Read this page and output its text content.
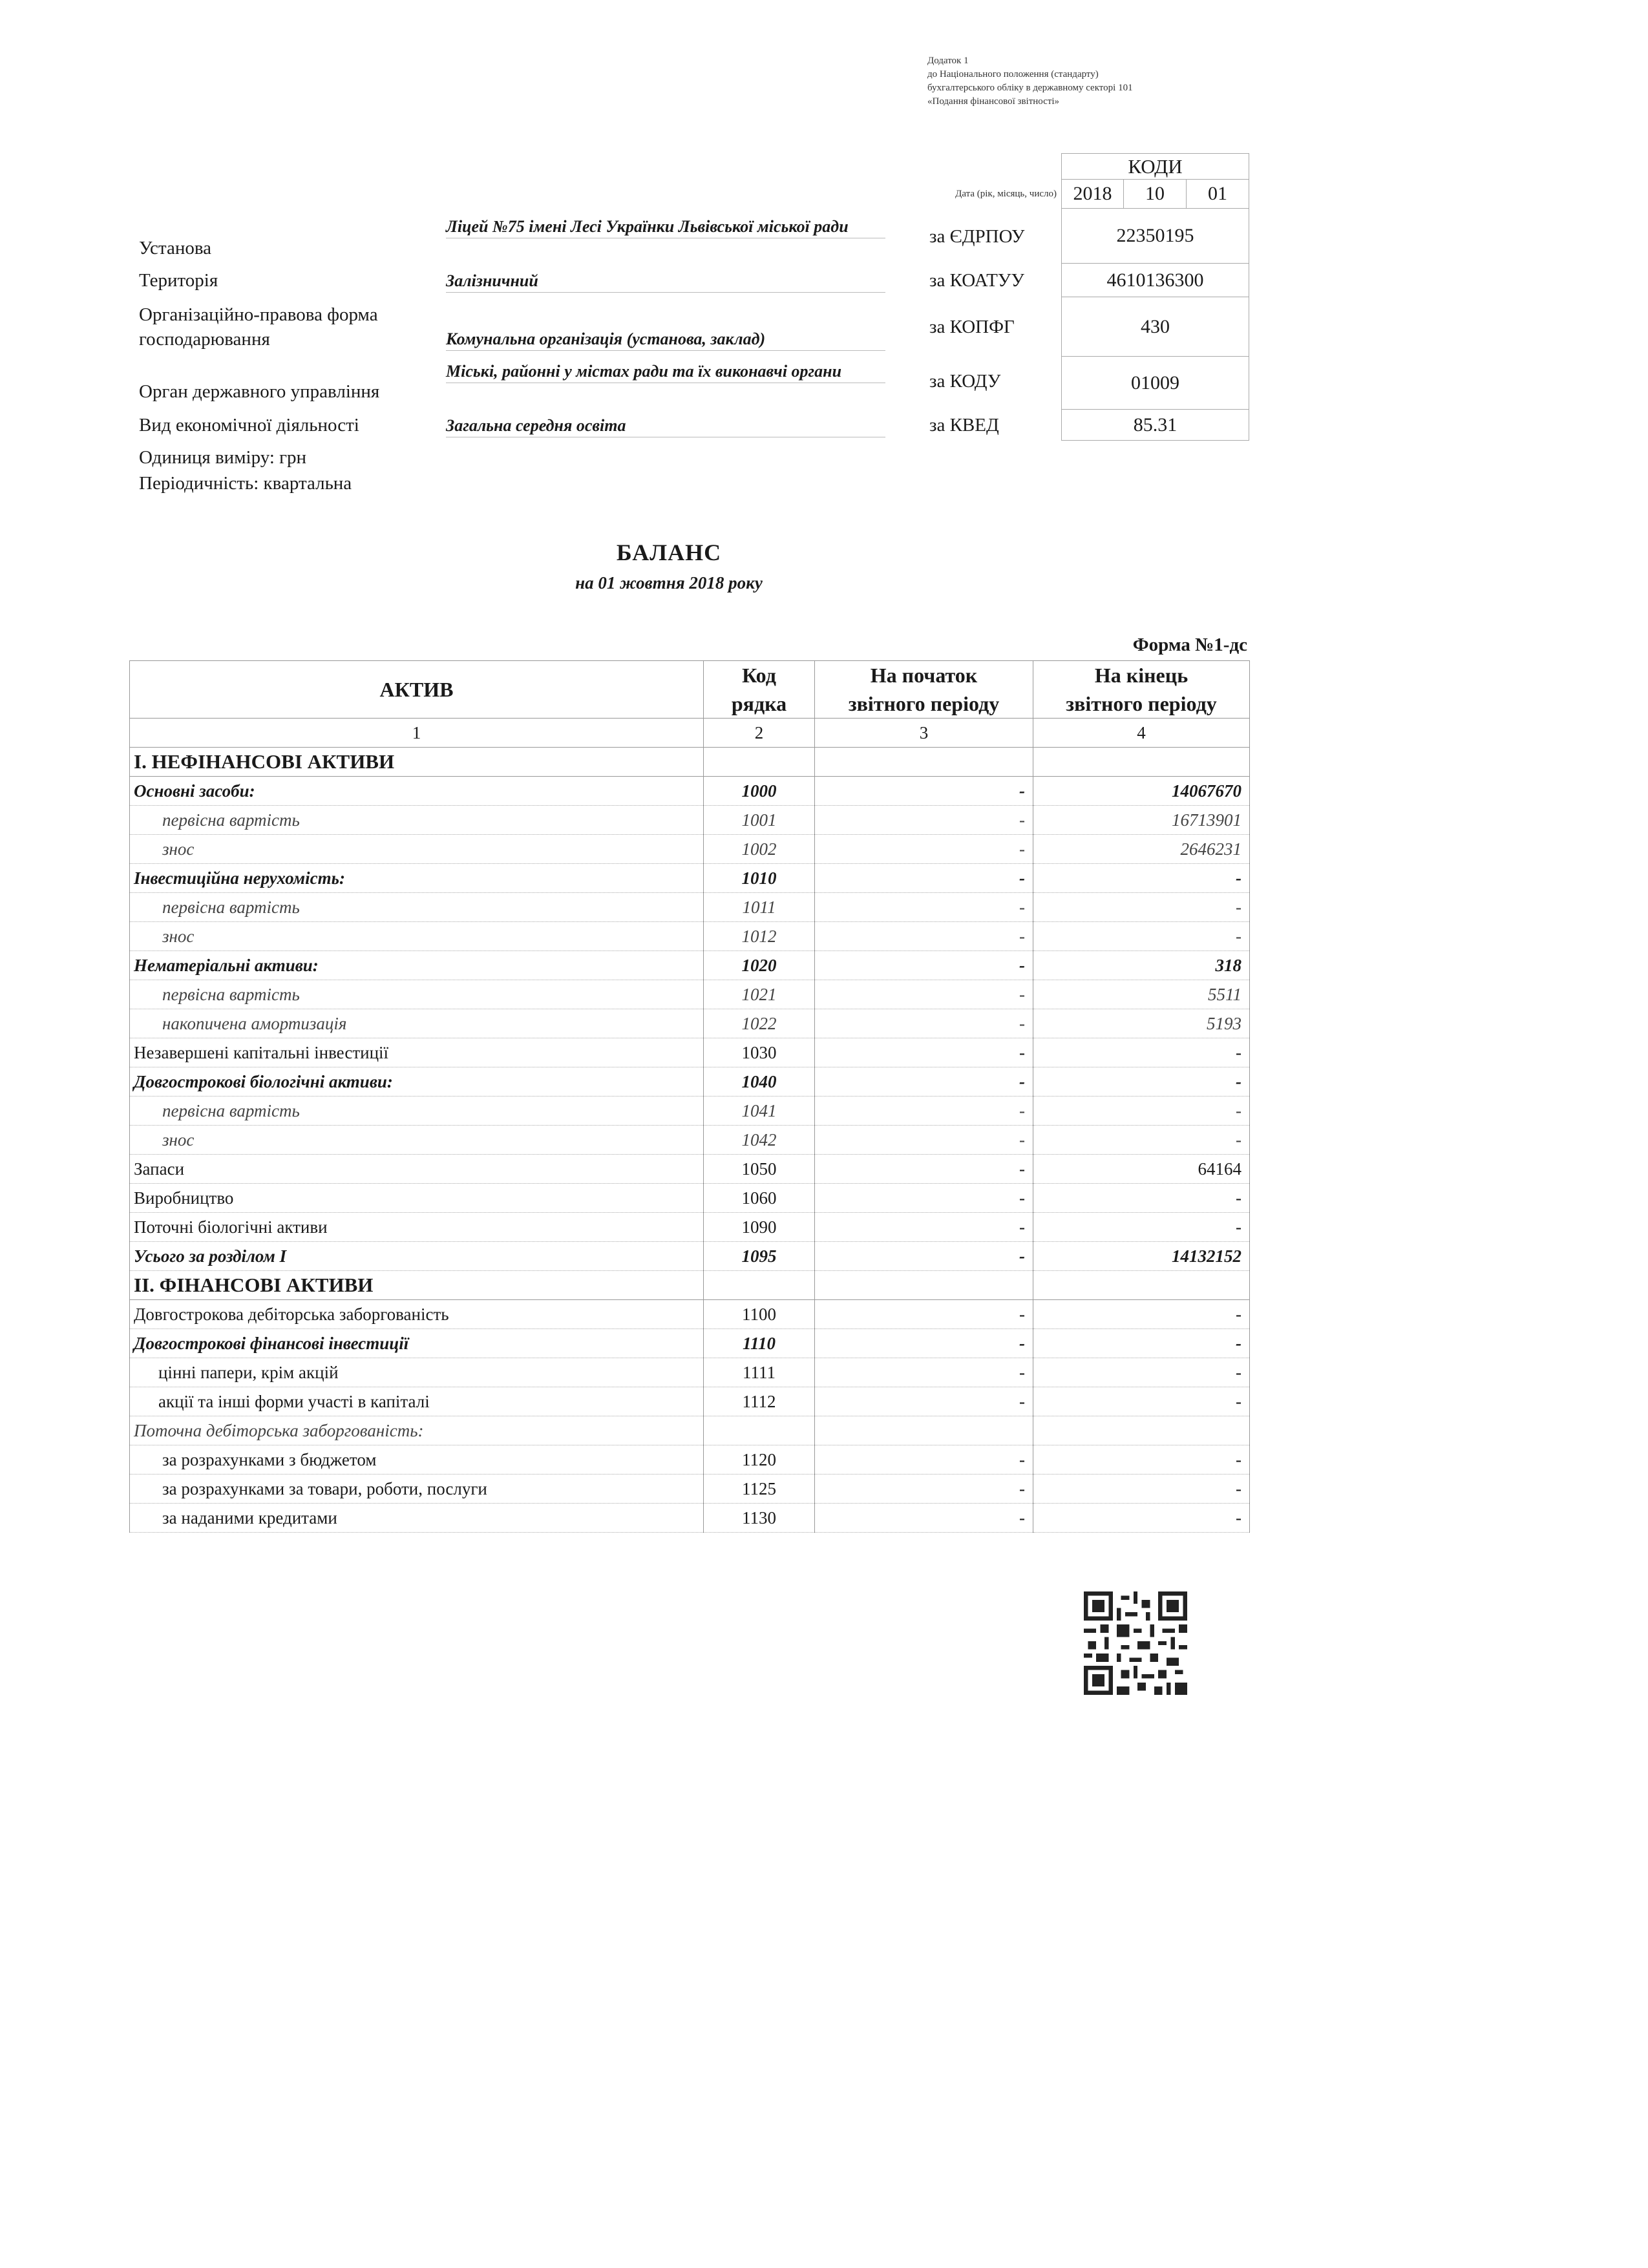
Додаток 1
до Національного положення (стандарту)
бухгалтерського обліку в державному секторі 101
«Подання фінансової звітності»
КОДИ
Дата (рік, місяць, число) 2018	10	01
Установа
Ліцей №75 імені Лесі Українки Львівської міської ради	за ЄДРПОУ	22350195
Територія	Залізничний	за КОАТУУ	4610136300
Організаційно-правова форма господарювання	Комунальна організація (установа, заклад)
за КОПФГ	430
Орган державного управління
Міські, районні у містах ради та їх виконавчі органи	за КОДУ	01009
Вид економічної діяльності	Загальна середня освіта	за КВЕД	85.31
Одиниця виміру: грн
Періодичність: квартальна
БАЛАНС
на 01 жовтня 2018 року
Форма №1-дс
АКТИВ	Код рядка	На початок звітного періоду	На кінець звітного періоду
1	2	3	4
I. НЕФІНАНСОВІ АКТИВИ			
Основні засоби:	1000	-	14067670
первісна вартість	1001	-	16713901
знос	1002	-	2646231
Інвестиційна нерухомість:	1010	-	-
первісна вартість	1011	-	-
знос	1012	-	-
Нематеріальні активи:	1020	-	318
первісна вартість	1021	-	5511
накопичена амортизація	1022	-	5193
Незавершені капітальні інвестиції	1030	-	-
Довгострокові біологічні активи:	1040	-	-
первісна вартість	1041	-	-
знос	1042	-	-
Запаси	1050	-	64164
Виробництво	1060	-	-
Поточні біологічні активи	1090	-	-
Усього за розділом I	1095	-	14132152
II. ФІНАНСОВІ АКТИВИ			
Довгострокова дебіторська заборгованість	1100	-	-
Довгострокові фінансові інвестиції	1110	-	-
цінні папери, крім акцій	1111	-	-
акції та інші форми участі в капіталі	1112	-	-
Поточна дебіторська заборгованість:			
за розрахунками з бюджетом	1120	-	-
за розрахунками за товари, роботи, послуги	1125	-	-
за наданими кредитами	1130	-	-
